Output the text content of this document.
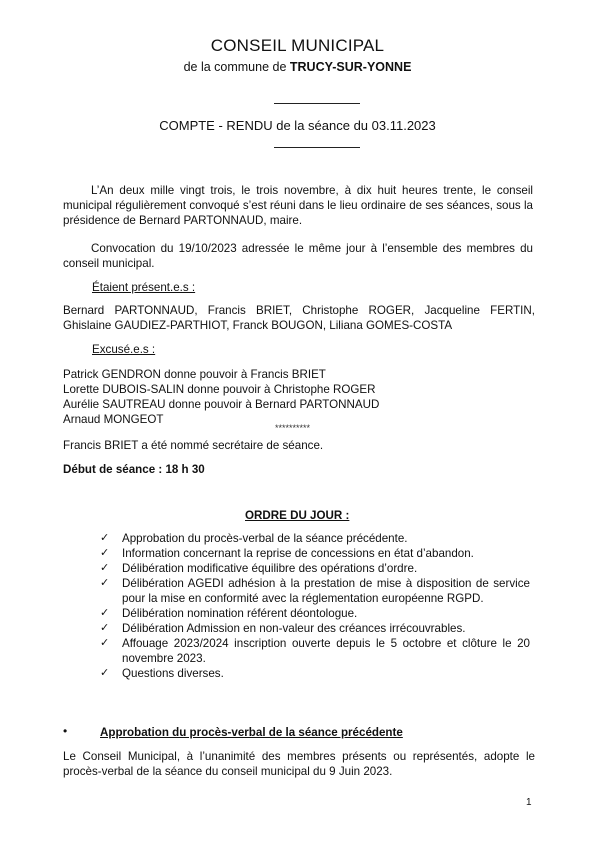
CONSEIL MUNICIPAL
de la commune de TRUCY-SUR-YONNE
COMPTE - RENDU de la séance du 03.11.2023
L’An deux mille vingt trois, le trois novembre, à dix huit heures trente, le conseil municipal régulièrement convoqué s’est réuni dans le lieu ordinaire de ses séances, sous la présidence de Bernard PARTONNAUD, maire.
Convocation du 19/10/2023 adressée le même jour à l’ensemble des membres du conseil municipal.
Étaient présent.e.s :
Bernard PARTONNAUD, Francis BRIET, Christophe ROGER, Jacqueline FERTIN, Ghislaine GAUDIEZ-PARTHIOT, Franck BOUGON, Liliana GOMES-COSTA
Excusé.e.s :
Patrick GENDRON donne pouvoir à Francis BRIET
Lorette DUBOIS-SALIN donne pouvoir à Christophe ROGER
Aurélie SAUTREAU donne pouvoir à Bernard PARTONNAUD
Arnaud MONGEOT
**********
Francis BRIET a été nommé secrétaire de séance.
Début de séance : 18 h 30
ORDRE DU JOUR :
✓	Approbation du procès-verbal de la séance précédente.
✓	Information concernant la reprise de concessions en état d’abandon.
✓	Délibération modificative équilibre des opérations d’ordre.
✓	Délibération AGEDI adhésion à la prestation de mise à disposition de service pour la mise en conformité avec la réglementation européenne RGPD.
✓	Délibération nomination référent déontologue.
✓	Délibération Admission en non-valeur des créances irrécouvrables.
✓	Affouage 2023/2024 inscription ouverte depuis le 5 octobre et clôture le 20 novembre 2023.
✓	Questions diverses.
•	Approbation du procès-verbal de la séance précédente
Le Conseil Municipal, à l’unanimité des membres présents ou représentés, adopte le procès-verbal de la séance du conseil municipal du 9 Juin 2023.
1
